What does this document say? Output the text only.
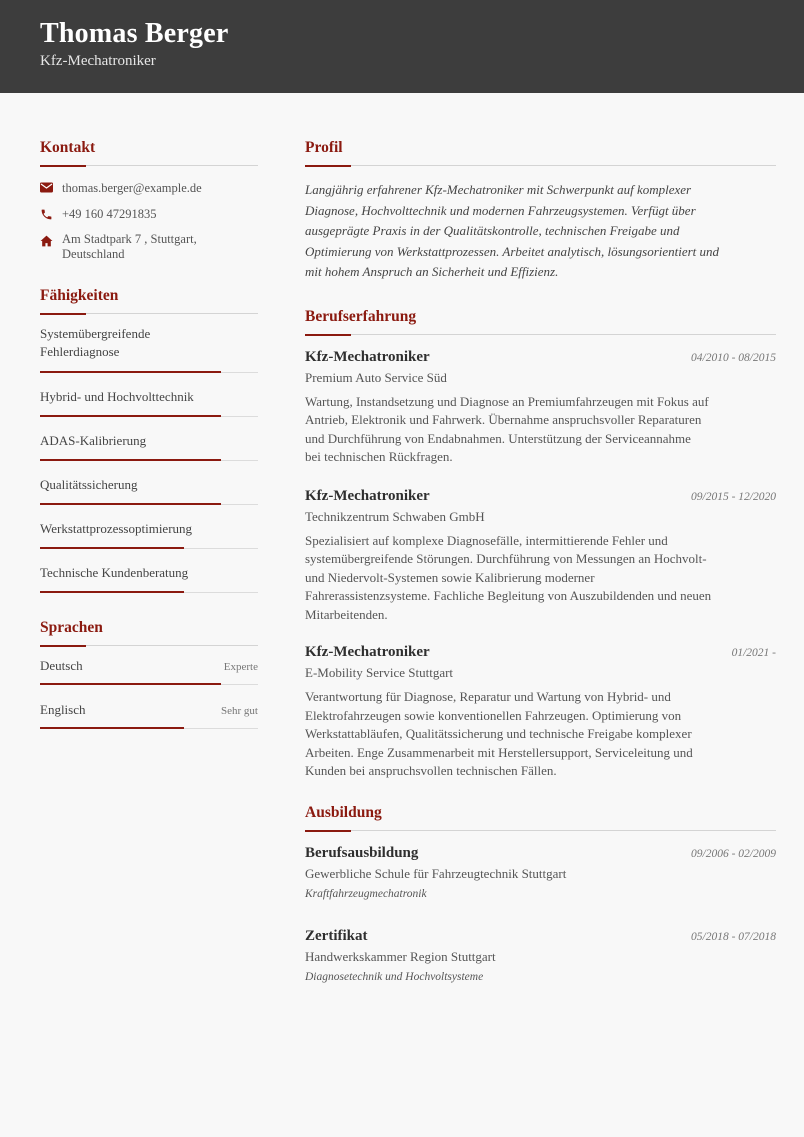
Thomas Berger
Kfz-Mechatroniker
Kontakt
thomas.berger@example.de
+49 160 47291835
Am Stadtpark 7 , Stuttgart,
Deutschland
Fähigkeiten
Systemübergreifende
Fehlerdiagnose
Hybrid- und Hochvolttechnik
ADAS-Kalibrierung
Qualitätssicherung
Werkstattprozessoptimierung
Technische Kundenberatung
Sprachen
Deutsch	Experte
Englisch	Sehr gut
Profil
Langjährig erfahrener Kfz-Mechatroniker mit Schwerpunkt auf komplexer
Diagnose, Hochvolttechnik und modernen Fahrzeugsystemen. Verfügt über
ausgeprägte Praxis in der Qualitätskontrolle, technischen Freigabe und
Optimierung von Werkstattprozessen. Arbeitet analytisch, lösungsorientiert und
mit hohem Anspruch an Sicherheit und Effizienz.
Berufserfahrung
Kfz-Mechatroniker	04/2010 - 08/2015
Premium Auto Service Süd
Wartung, Instandsetzung und Diagnose an Premiumfahrzeugen mit Fokus auf
Antrieb, Elektronik und Fahrwerk. Übernahme anspruchsvoller Reparaturen
und Durchführung von Endabnahmen. Unterstützung der Serviceannahme
bei technischen Rückfragen.
Kfz-Mechatroniker	09/2015 - 12/2020
Technikzentrum Schwaben GmbH
Spezialisiert auf komplexe Diagnosefälle, intermittierende Fehler und
systemübergreifende Störungen. Durchführung von Messungen an Hochvolt-
und Niedervolt-Systemen sowie Kalibrierung moderner
Fahrerassistenzsysteme. Fachliche Begleitung von Auszubildenden und neuen
Mitarbeitenden.
Kfz-Mechatroniker	01/2021 -
E-Mobility Service Stuttgart
Verantwortung für Diagnose, Reparatur und Wartung von Hybrid- und
Elektrofahrzeugen sowie konventionellen Fahrzeugen. Optimierung von
Werkstattabläufen, Qualitätssicherung und technische Freigabe komplexer
Arbeiten. Enge Zusammenarbeit mit Herstellersupport, Serviceleitung und
Kunden bei anspruchsvollen technischen Fällen.
Ausbildung
Berufsausbildung	09/2006 - 02/2009
Gewerbliche Schule für Fahrzeugtechnik Stuttgart
Kraftfahrzeugmechatronik
Zertifikat	05/2018 - 07/2018
Handwerkskammer Region Stuttgart
Diagnosetechnik und Hochvoltsysteme
